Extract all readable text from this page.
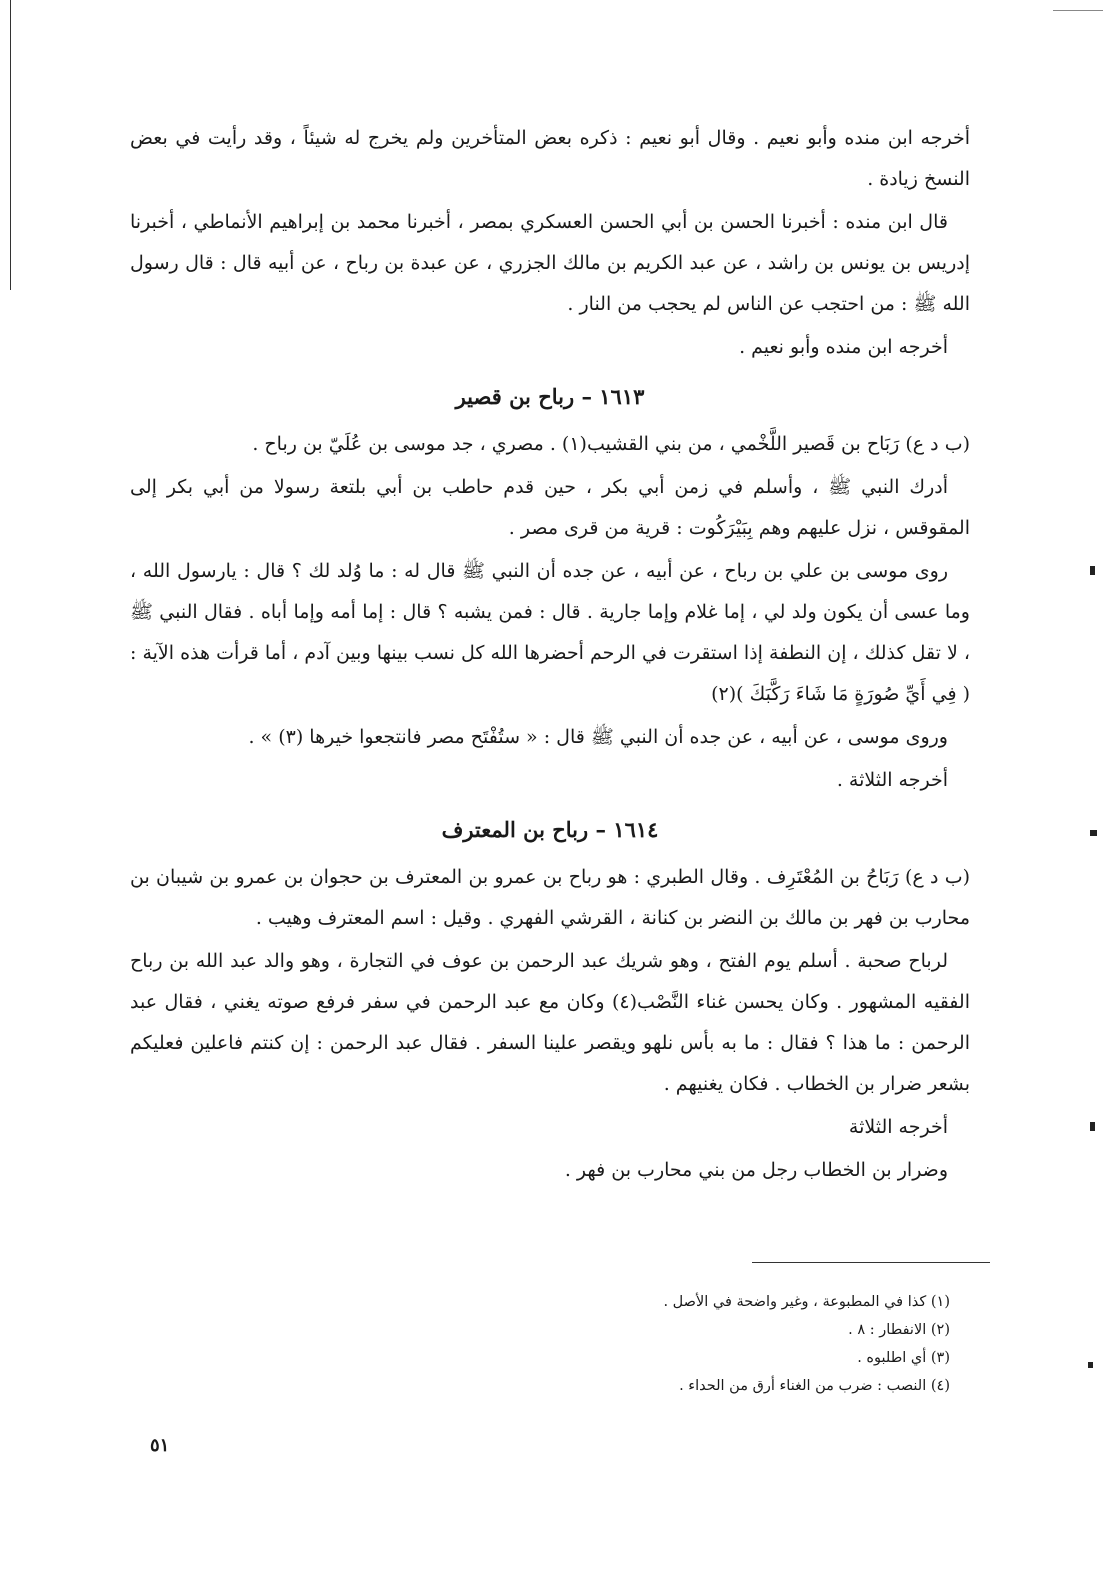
أخرجه ابن منده وأبو نعيم . وقال أبو نعيم : ذكره بعض المتأخرين ولم يخرج له شيئاً ، وقد رأيت في بعض النسخ زيادة .

قال ابن منده : أخبرنا الحسن بن أبي الحسن العسكري بمصر ، أخبرنا محمد بن إبراهيم الأنماطي ، أخبرنا إدريس بن يونس بن راشد ، عن عبد الكريم بن مالك الجزري ، عن عبدة بن رباح ، عن أبيه قال : قال رسول الله ﷺ : من احتجب عن الناس لم يحجب من النار .

أخرجه ابن منده وأبو نعيم .

١٦١٣ – رباح بن قصير

(ب د ع) رَبَاح بن قَصير اللَّخْمي ، من بني القشيب(١) . مصري ، جد موسى بن عُلَيّ بن رباح .

أدرك النبي ﷺ ، وأسلم في زمن أبي بكر ، حين قدم حاطب بن أبي بلتعة رسولا من أبي بكر إلى المقوقس ، نزل عليهم وهم بِبَيْرَكُوت : قرية من قرى مصر .

روى موسى بن علي بن رباح ، عن أبيه ، عن جده أن النبي ﷺ قال له : ما وُلد لك ؟ قال : يارسول الله ، وما عسى أن يكون ولد لي ، إما غلام وإما جارية . قال : فمن يشبه ؟ قال : إما أمه وإما أباه . فقال النبي ﷺ ، لا تقل كذلك ، إن النطفة إذا استقرت في الرحم أحضرها الله كل نسب بينها وبين آدم ، أما قرأت هذه الآية : ( فِي أَيِّ صُورَةٍ مَا شَاءَ رَكَّبَكَ )(٢)

وروى موسى ، عن أبيه ، عن جده أن النبي ﷺ قال : « ستُفْتَح مصر فانتجعوا خيرها (٣) » .

أخرجه الثلاثة .

١٦١٤ – رباح بن المعترف

(ب د ع) رَبَاحُ بن المُعْتَرِف . وقال الطبري : هو رباح بن عمرو بن المعترف بن حجوان بن عمرو بن شيبان بن محارب بن فهر بن مالك بن النضر بن كنانة ، القرشي الفهري . وقيل : اسم المعترف وهيب .

لرباح صحبة . أسلم يوم الفتح ، وهو شريك عبد الرحمن بن عوف في التجارة ، وهو والد عبد الله بن رباح الفقيه المشهور . وكان يحسن غناء النَّصْب(٤) وكان مع عبد الرحمن في سفر فرفع صوته يغني ، فقال عبد الرحمن : ما هذا ؟ فقال : ما به بأس نلهو ويقصر علينا السفر . فقال عبد الرحمن : إن كنتم فاعلين فعليكم بشعر ضرار بن الخطاب . فكان يغنيهم .

أخرجه الثلاثة

وضرار بن الخطاب رجل من بني محارب بن فهر .

(١) كذا في المطبوعة ، وغير واضحة في الأصل .

(٢) الانفطار : ٨ .

(٣) أي اطلبوه .

(٤) النصب : ضرب من الغناء أرق من الحداء .

٥١
